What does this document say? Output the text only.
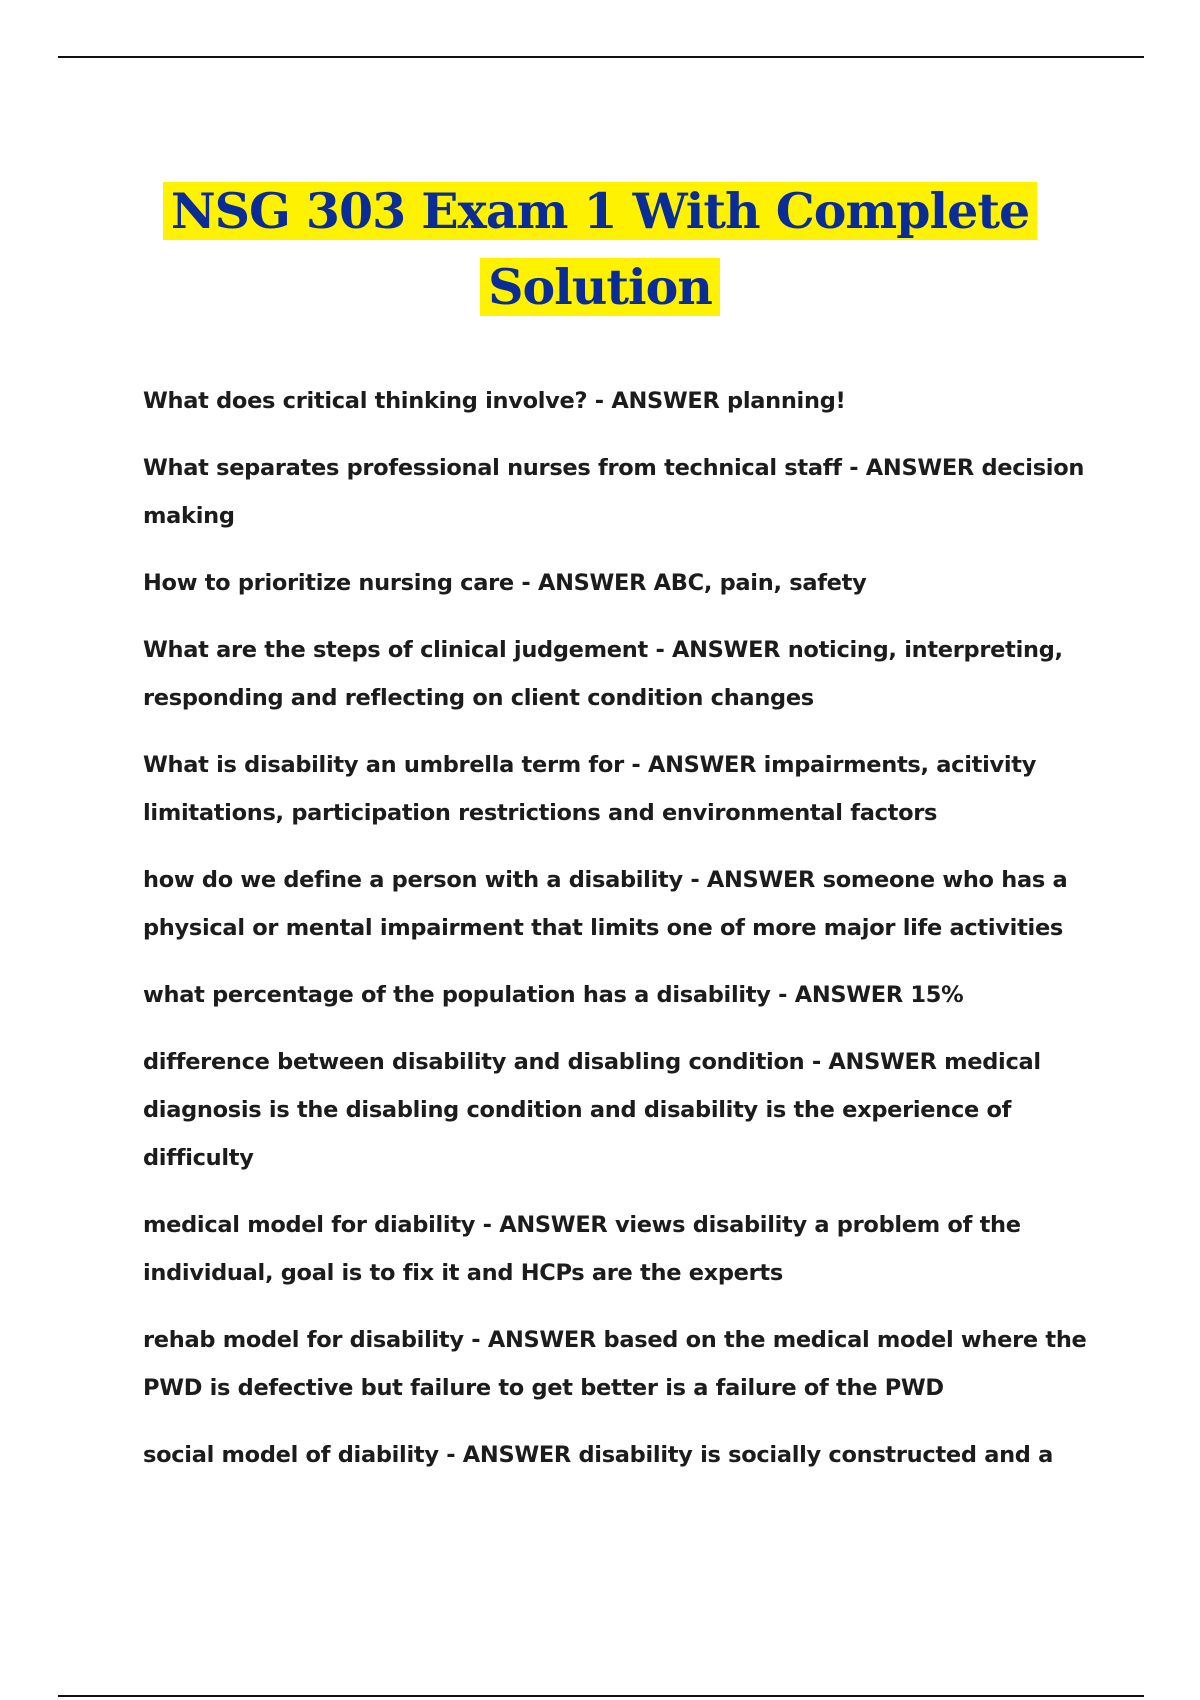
NSG 303 Exam 1 With Complete Solution
What does critical thinking involve? - ANSWER planning!
What separates professional nurses from technical staff - ANSWER decision making
How to prioritize nursing care - ANSWER ABC, pain, safety
What are the steps of clinical judgement - ANSWER noticing, interpreting, responding and reflecting on client condition changes
What is disability an umbrella term for - ANSWER impairments, acitivity limitations, participation restrictions and environmental factors
how do we define a person with a disability - ANSWER someone who has a physical or mental impairment that limits one of more major life activities
what percentage of the population has a disability - ANSWER 15%
difference between disability and disabling condition - ANSWER medical diagnosis is the disabling condition and disability is the experience of difficulty
medical model for diability - ANSWER views disability a problem of the individual, goal is to fix it and HCPs are the experts
rehab model for disability - ANSWER based on the medical model where the PWD is defective but failure to get better is a failure of the PWD
social model of diability - ANSWER disability is socially constructed and a
